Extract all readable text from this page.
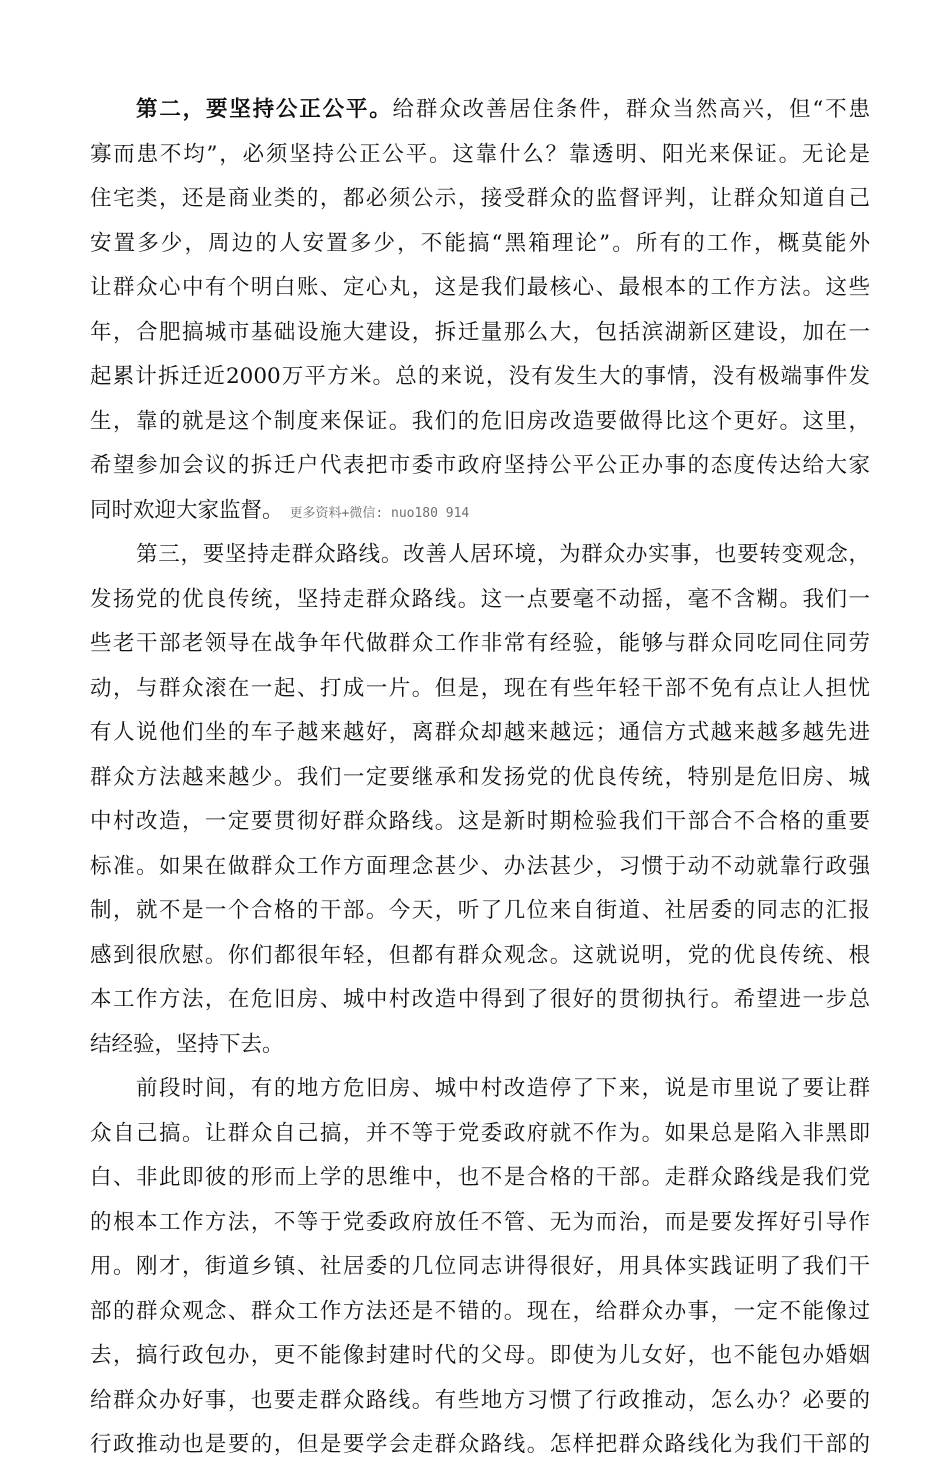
第二，要坚持公正公平。给群众改善居住条件，群众当然高兴，但“不患
寡而患不均”，必须坚持公正公平。这靠什么？靠透明、阳光来保证。无论是
住宅类，还是商业类的，都必须公示，接受群众的监督评判，让群众知道自己
安置多少，周边的人安置多少，不能搞“黑箱理论”。所有的工作，概莫能外
让群众心中有个明白账、定心丸，这是我们最核心、最根本的工作方法。这些
年，合肥搞城市基础设施大建设，拆迁量那么大，包括滨湖新区建设，加在一
起累计拆迁近2000万平方米。总的来说，没有发生大的事情，没有极端事件发
生，靠的就是这个制度来保证。我们的危旧房改造要做得比这个更好。这里，
希望参加会议的拆迁户代表把市委市政府坚持公平公正办事的态度传达给大家
同时欢迎大家监督。 更多资料+微信: nuo180 914
第三，要坚持走群众路线。改善人居环境，为群众办实事，也要转变观念，
发扬党的优良传统，坚持走群众路线。这一点要毫不动摇，毫不含糊。我们一
些老干部老领导在战争年代做群众工作非常有经验，能够与群众同吃同住同劳
动，与群众滚在一起、打成一片。但是，现在有些年轻干部不免有点让人担忧
有人说他们坐的车子越来越好，离群众却越来越远；通信方式越来越多越先进
群众方法越来越少。我们一定要继承和发扬党的优良传统，特别是危旧房、城
中村改造，一定要贯彻好群众路线。这是新时期检验我们干部合不合格的重要
标准。如果在做群众工作方面理念甚少、办法甚少，习惯于动不动就靠行政强
制，就不是一个合格的干部。今天，听了几位来自街道、社居委的同志的汇报
感到很欣慰。你们都很年轻，但都有群众观念。这就说明，党的优良传统、根
本工作方法，在危旧房、城中村改造中得到了很好的贯彻执行。希望进一步总
结经验，坚持下去。
前段时间，有的地方危旧房、城中村改造停了下来，说是市里说了要让群
众自己搞。让群众自己搞，并不等于党委政府就不作为。如果总是陷入非黑即
白、非此即彼的形而上学的思维中，也不是合格的干部。走群众路线是我们党
的根本工作方法，不等于党委政府放任不管、无为而治，而是要发挥好引导作
用。刚才，街道乡镇、社居委的几位同志讲得很好，用具体实践证明了我们干
部的群众观念、群众工作方法还是不错的。现在，给群众办事，一定不能像过
去，搞行政包办，更不能像封建时代的父母。即使为儿女好，也不能包办婚姻
给群众办好事，也要走群众路线。有些地方习惯了行政推动，怎么办？必要的
行政推动也是要的，但是要学会走群众路线。怎样把群众路线化为我们干部的
